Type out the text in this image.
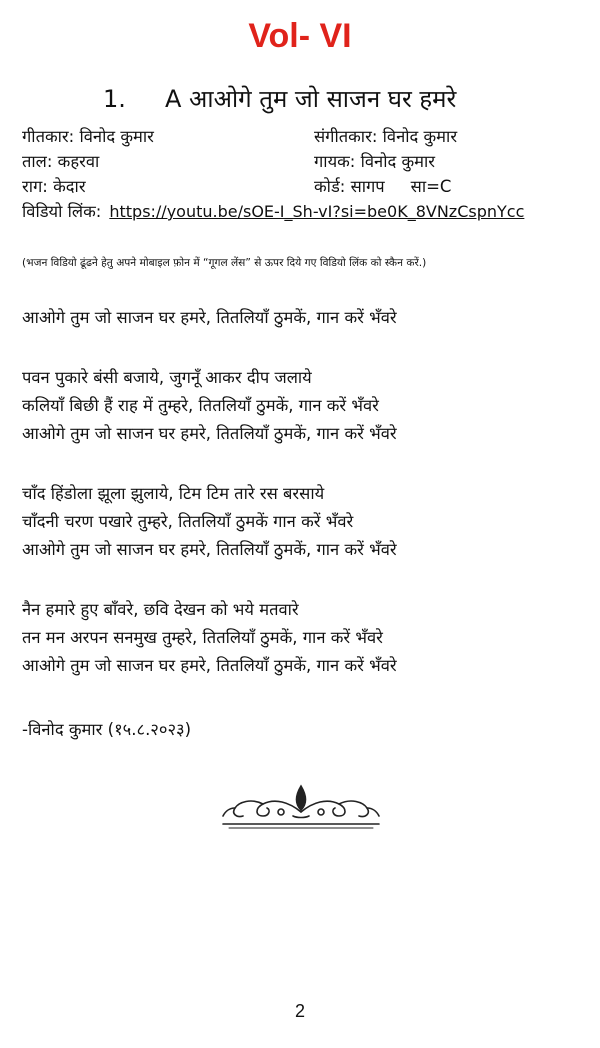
Vol- VI
1. A आओगे तुम जो साजन घर हमरे
गीतकार: विनोद कुमार	संगीतकार: विनोद कुमार
ताल: कहरवा	गायक: विनोद कुमार
राग: केदार	कोर्ड: सागप सा=C
विडियो लिंक: https://youtu.be/sOE-I_Sh-vI?si=be0K_8VNzCspnYcc
(भजन विडियो ढूंढने हेतु अपने मोबाइल फ़ोन में “गूगल लेंस” से ऊपर दिये गए विडियो लिंक को स्कैन करें.)
आओगे तुम जो साजन घर हमरे, तितलियाँ ठुमकें, गान करें भँवरे
पवन पुकारे बंसी बजाये, जुगनूँ आकर दीप जलाये
कलियाँ बिछी हैं राह में तुम्हरे, तितलियाँ ठुमकें, गान करें भँवरे
आओगे तुम जो साजन घर हमरे, तितलियाँ ठुमकें, गान करें भँवरे
चाँद हिंडोला झूला झुलाये, टिम टिम तारे रस बरसाये
चाँदनी चरण पखारे तुम्हरे, तितलियाँ ठुमकें गान करें भँवरे
आओगे तुम जो साजन घर हमरे, तितलियाँ ठुमकें, गान करें भँवरे
नैन हमारे हुए बाँवरे, छवि देखन को भये मतवारे
तन मन अरपन सनमुख तुम्हरे, तितलियाँ ठुमकें, गान करें भँवरे
आओगे तुम जो साजन घर हमरे, तितलियाँ ठुमकें, गान करें भँवरे
-विनोद कुमार (१५.८.२०२३)
2
